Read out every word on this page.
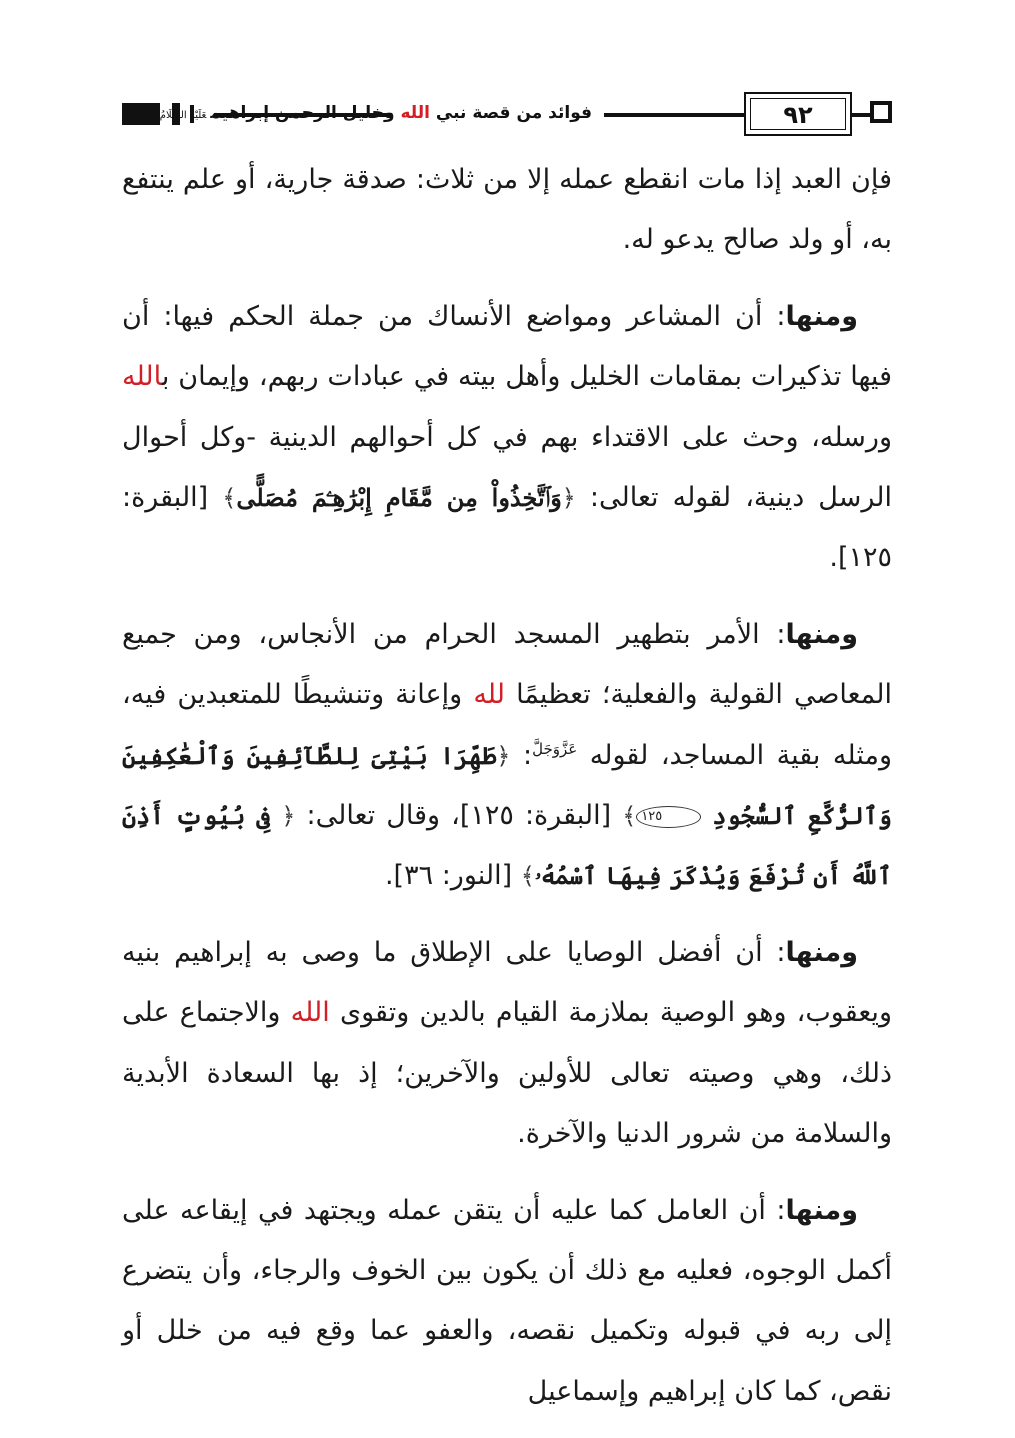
فوائد من قصة نبي الله وخليل الرحمن إبراهيمعَلَيْهِ السَّلَامُ	٩٢

فإن العبد إذا مات انقطع عمله إلا من ثلاث: صدقة جارية، أو علم ينتفع به، أو ولد صالح يدعو له.

ومنها: أن المشاعر ومواضع الأنساك من جملة الحكم فيها: أن فيها تذكيرات بمقامات الخليل وأهل بيته في عبادات ربهم، وإيمان بالله ورسله، وحث على الاقتداء بهم في كل أحوالهم الدينية -وكل أحوال الرسل دينية، لقوله تعالى: ﴿وَٱتَّخِذُواْ مِن مَّقَامِ إِبْرَٰهِـۧمَ مُصَلًّى﴾ [البقرة: ١٢٥].

ومنها: الأمر بتطهير المسجد الحرام من الأنجاس، ومن جميع المعاصي القولية والفعلية؛ تعظيمًا لله وإعانة وتنشيطًا للمتعبدين فيه، ومثله بقية المساجد، لقوله $^{عَزَّوَجَلَّ}$: ﴿طَهِّرَا بَيْتِىَ لِلطَّآئِفِينَ وَٱلْعَٰكِفِينَ وَٱلرُّكَّعِ ٱلسُّجُودِ ١٢٥﴾ [البقرة: ١٢٥]، وقال تعالى: ﴿ فِى بُيُوتٍ أَذِنَ ٱللَّهُ أَن تُرْفَعَ وَيُذْكَرَ فِيهَا ٱسْمُهُۥ﴾ [النور: ٣٦].

ومنها: أن أفضل الوصايا على الإطلاق ما وصى به إبراهيم بنيه ويعقوب، وهو الوصية بملازمة القيام بالدين وتقوى الله والاجتماع على ذلك، وهي وصيته تعالى للأولين والآخرين؛ إذ بها السعادة الأبدية والسلامة من شرور الدنيا والآخرة.

ومنها: أن العامل كما عليه أن يتقن عمله ويجتهد في إيقاعه على أكمل الوجوه، فعليه مع ذلك أن يكون بين الخوف والرجاء، وأن يتضرع إلى ربه في قبوله وتكميل نقصه، والعفو عما وقع فيه من خلل أو نقص، كما كان إبراهيم وإسماعيل
